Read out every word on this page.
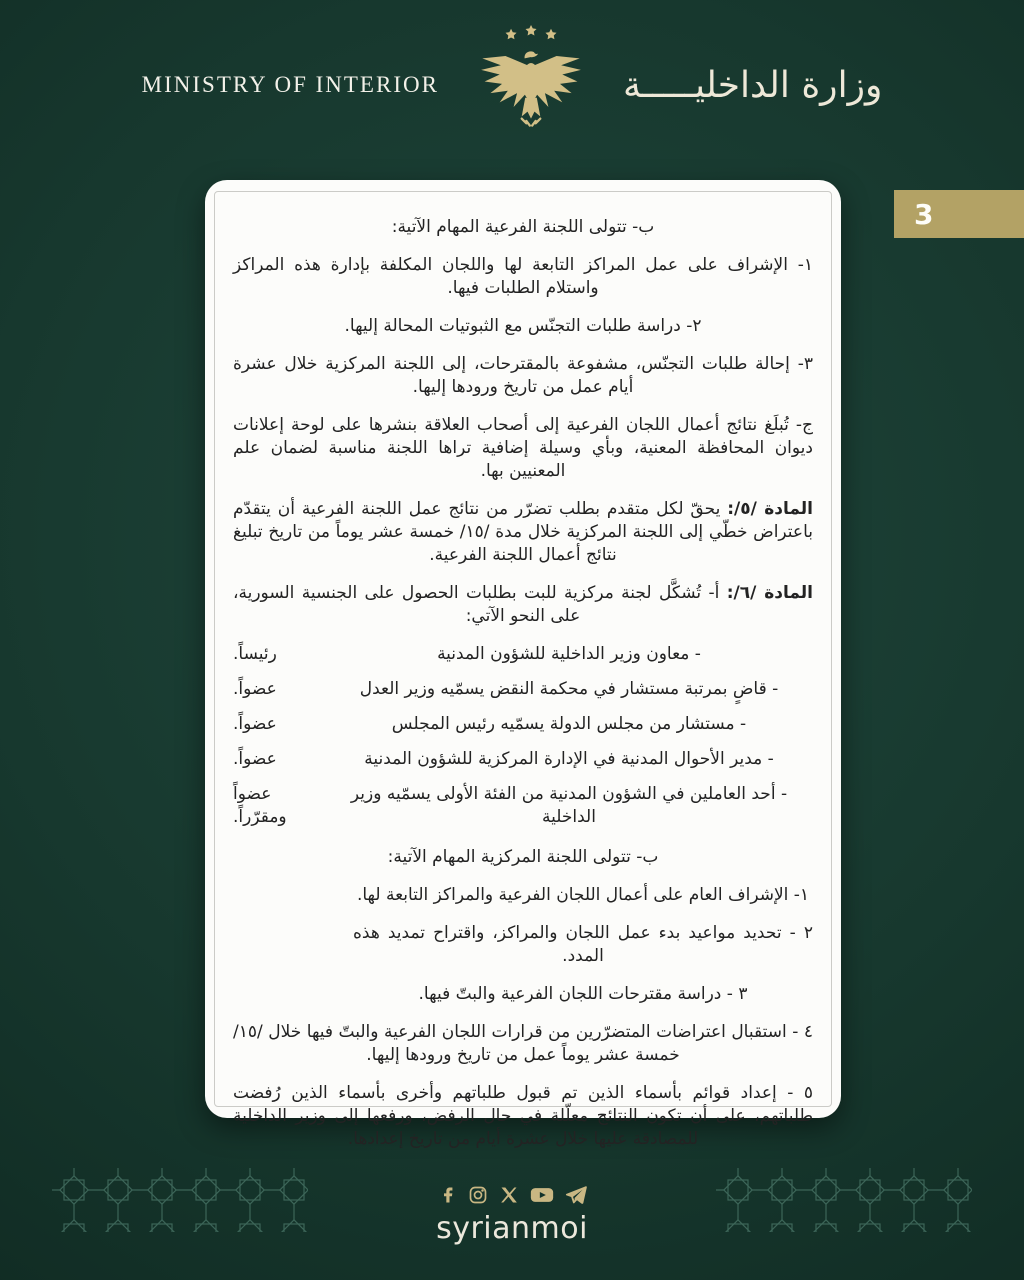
MINISTRY OF INTERIOR	وزارة الداخليـــــة
3

ب- تتولى اللجنة الفرعية المهام الآتية:

١- الإشراف على عمل المراكز التابعة لها واللجان المكلفة بإدارة هذه المراكز واستلام الطلبات فيها.

٢- دراسة طلبات التجنّس مع الثبوتيات المحالة إليها.

٣- إحالة طلبات التجنّس، مشفوعة بالمقترحات، إلى اللجنة المركزية خلال عشرة أيام عمل من تاريخ ورودها إليها.

ج- تُبلَغ نتائج أعمال اللجان الفرعية إلى أصحاب العلاقة بنشرها على لوحة إعلانات ديوان المحافظة المعنية، وبأي وسيلة إضافية تراها اللجنة مناسبة لضمان علم المعنيين بها.

المادة /٥/: يحقّ لكل متقدم بطلب تضرّر من نتائج عمل اللجنة الفرعية أن يتقدّم باعتراض خطّي إلى اللجنة المركزية خلال مدة /١٥/ خمسة عشر يوماً من تاريخ تبليغ نتائج أعمال اللجنة الفرعية.

المادة /٦/: أ- تُشكَّل لجنة مركزية للبت بطلبات الحصول على الجنسية السورية، على النحو الآتي:

- معاون وزير الداخلية للشؤون المدنية
رئيساً.
- قاضٍ بمرتبة مستشار في محكمة النقض يسمّيه وزير العدل
عضواً.
- مستشار من مجلس الدولة يسمّيه رئيس المجلس
عضواً.
- مدير الأحوال المدنية في الإدارة المركزية للشؤون المدنية
عضواً.
- أحد العاملين في الشؤون المدنية من الفئة الأولى يسمّيه وزير الداخلية
عضواً ومقرّراً.

ب- تتولى اللجنة المركزية المهام الآتية:

١- الإشراف العام على أعمال اللجان الفرعية والمراكز التابعة لها.

٢ - تحديد مواعيد بدء عمل اللجان والمراكز، واقتراح تمديد هذه المدد.

٣ - دراسة مقترحات اللجان الفرعية والبتّ فيها.

٤ - استقبال اعتراضات المتضرّرين من قرارات اللجان الفرعية والبتّ فيها خلال /١٥/ خمسة عشر يوماً عمل من تاريخ ورودها إليها.

٥ - إعداد قوائم بأسماء الذين تم قبول طلباتهم وأخرى بأسماء الذين رُفضت طلباتهم، على أن تكون النتائج معلّلة في حال الرفض، ورفعها إلى وزير الداخلية للمصادقة عليها خلال عشرة أيام من تاريخ إعدادها.

syrianmoi
